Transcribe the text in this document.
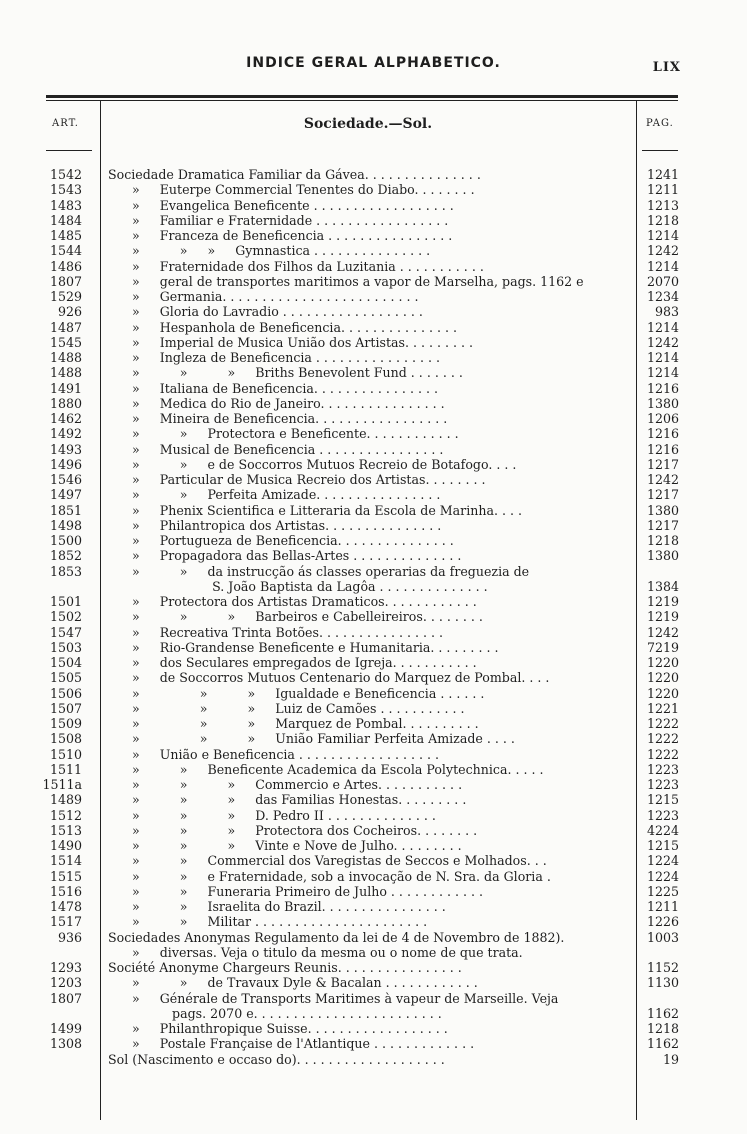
INDICE GERAL ALPHABETICO.	LIX
ART.	Sociedade.—Sol.	PAG.
1542 Sociedade Dramatica Familiar da Gávea. . . . . . . . . . . . . . .	1241
1543 »     Euterpe Commercial Tenentes do Diabo. . . . . . . .	1211
1483 »     Evangelica Beneficente . . . . . . . . . . . . . . . . . .	1213
1484 »     Familiar e Fraternidade . . . . . . . . . . . . . . . . .	1218
1485 »     Franceza de Beneficencia . . . . . . . . . . . . . . . .	1214
1544 »          »     »     Gymnastica . . . . . . . . . . . . . . .	1242
1486 »     Fraternidade dos Filhos da Luzitania . . . . . . . . . . .	1214
1807 »     geral de transportes maritimos a vapor de Marselha, pags. 1162 e	2070
1529 »     Germania. . . . . . . . . . . . . . . . . . . . . . . . .	1234
926 »     Gloria do Lavradio . . . . . . . . . . . . . . . . . .	983
1487 »     Hespanhola de Beneficencia. . . . . . . . . . . . . . .	1214
1545 »     Imperial de Musica União dos Artistas. . . . . . . . .	1242
1488 »     Ingleza de Beneficencia . . . . . . . . . . . . . . . .	1214
1488 »          »          »     Briths Benevolent Fund . . . . . . .	1214
1491 »     Italiana de Beneficencia. . . . . . . . . . . . . . . .	1216
1880 »     Medica do Rio de Janeiro. . . . . . . . . . . . . . . .	1380
1462 »     Mineira de Beneficencia. . . . . . . . . . . . . . . . .	1206
1492 »          »     Protectora e Beneficente. . . . . . . . . . . .	1216
1493 »     Musical de Beneficencia . . . . . . . . . . . . . . . .	1216
1496 »          »     e de Soccorros Mutuos Recreio de Botafogo. . . .	1217
1546 »     Particular de Musica Recreio dos Artistas. . . . . . . .	1242
1497 »          »     Perfeita Amizade. . . . . . . . . . . . . . . .	1217
1851 »     Phenix Scientifica e Litteraria da Escola de Marinha. . . .	1380
1498 »     Philantropica dos Artistas. . . . . . . . . . . . . . .	1217
1500 »     Portugueza de Beneficencia. . . . . . . . . . . . . . .	1218
1852 »     Propagadora das Bellas-Artes . . . . . . . . . . . . . .	1380
1853 »          »     da instrucção ás classes operarias da freguezia de
S. João Baptista da Lagôa . . . . . . . . . . . . . .	1384
1501 »     Protectora dos Artistas Dramaticos. . . . . . . . . . . .	1219
1502 »          »          »     Barbeiros e Cabelleireiros. . . . . . . .	1219
1547 »     Recreativa Trinta Botões. . . . . . . . . . . . . . . .	1242
1503 »     Rio-Grandense Beneficente e Humanitaria. . . . . . . . .	7219
1504 »     dos Seculares empregados de Igreja. . . . . . . . . . .	1220
1505 »     de Soccorros Mutuos Centenario do Marquez de Pombal. . . .	1220
1506 »               »          »     Igualdade e Beneficencia . . . . . .	1220
1507 »               »          »     Luiz de Camões . . . . . . . . . . .	1221
1509 »               »          »     Marquez de Pombal. . . . . . . . . .	1222
1508 »               »          »     União Familiar Perfeita Amizade . . . .	1222
1510 »     União e Beneficencia . . . . . . . . . . . . . . . . . .	1222
1511 »          »     Beneficente Academica da Escola Polytechnica. . . . .	1223
1511a »          »          »     Commercio e Artes. . . . . . . . . . .	1223
1489 »          »          »     das Familias Honestas. . . . . . . . .	1215
1512 »          »          »     D. Pedro II . . . . . . . . . . . . . .	1223
1513 »          »          »     Protectora dos Cocheiros. . . . . . . .	4224
1490 »          »          »     Vinte e Nove de Julho. . . . . . . . .	1215
1514 »          »     Commercial dos Varegistas de Seccos e Molhados. . .	1224
1515 »          »     e Fraternidade, sob a invocação de N. Sra. da Gloria .	1224
1516 »          »     Funeraria Primeiro de Julho . . . . . . . . . . . .	1225
1478 »          »     Israelita do Brazil. . . . . . . . . . . . . . . .	1211
1517 »          »     Militar . . . . . . . . . . . . . . . . . . . . . .	1226
936 Sociedades Anonymas Regulamento da lei de 4 de Novembro de 1882).	1003
»     diversas. Veja o titulo da mesma ou o nome de que trata.
1293 Société Anonyme Chargeurs Reunis. . . . . . . . . . . . . . . .	1152
1203 »          »     de Travaux Dyle & Bacalan . . . . . . . . . . . .	1130
1807 »     Générale de Transports Maritimes à vapeur de Marseille. Veja
pags. 2070 e. . . . . . . . . . . . . . . . . . . . . . . .	1162
1499 »     Philanthropique Suisse. . . . . . . . . . . . . . . . . .	1218
1308 »     Postale Française de l'Atlantique . . . . . . . . . . . . .	1162
Sol (Nascimento e occaso do). . . . . . . . . . . . . . . . . . .	19
